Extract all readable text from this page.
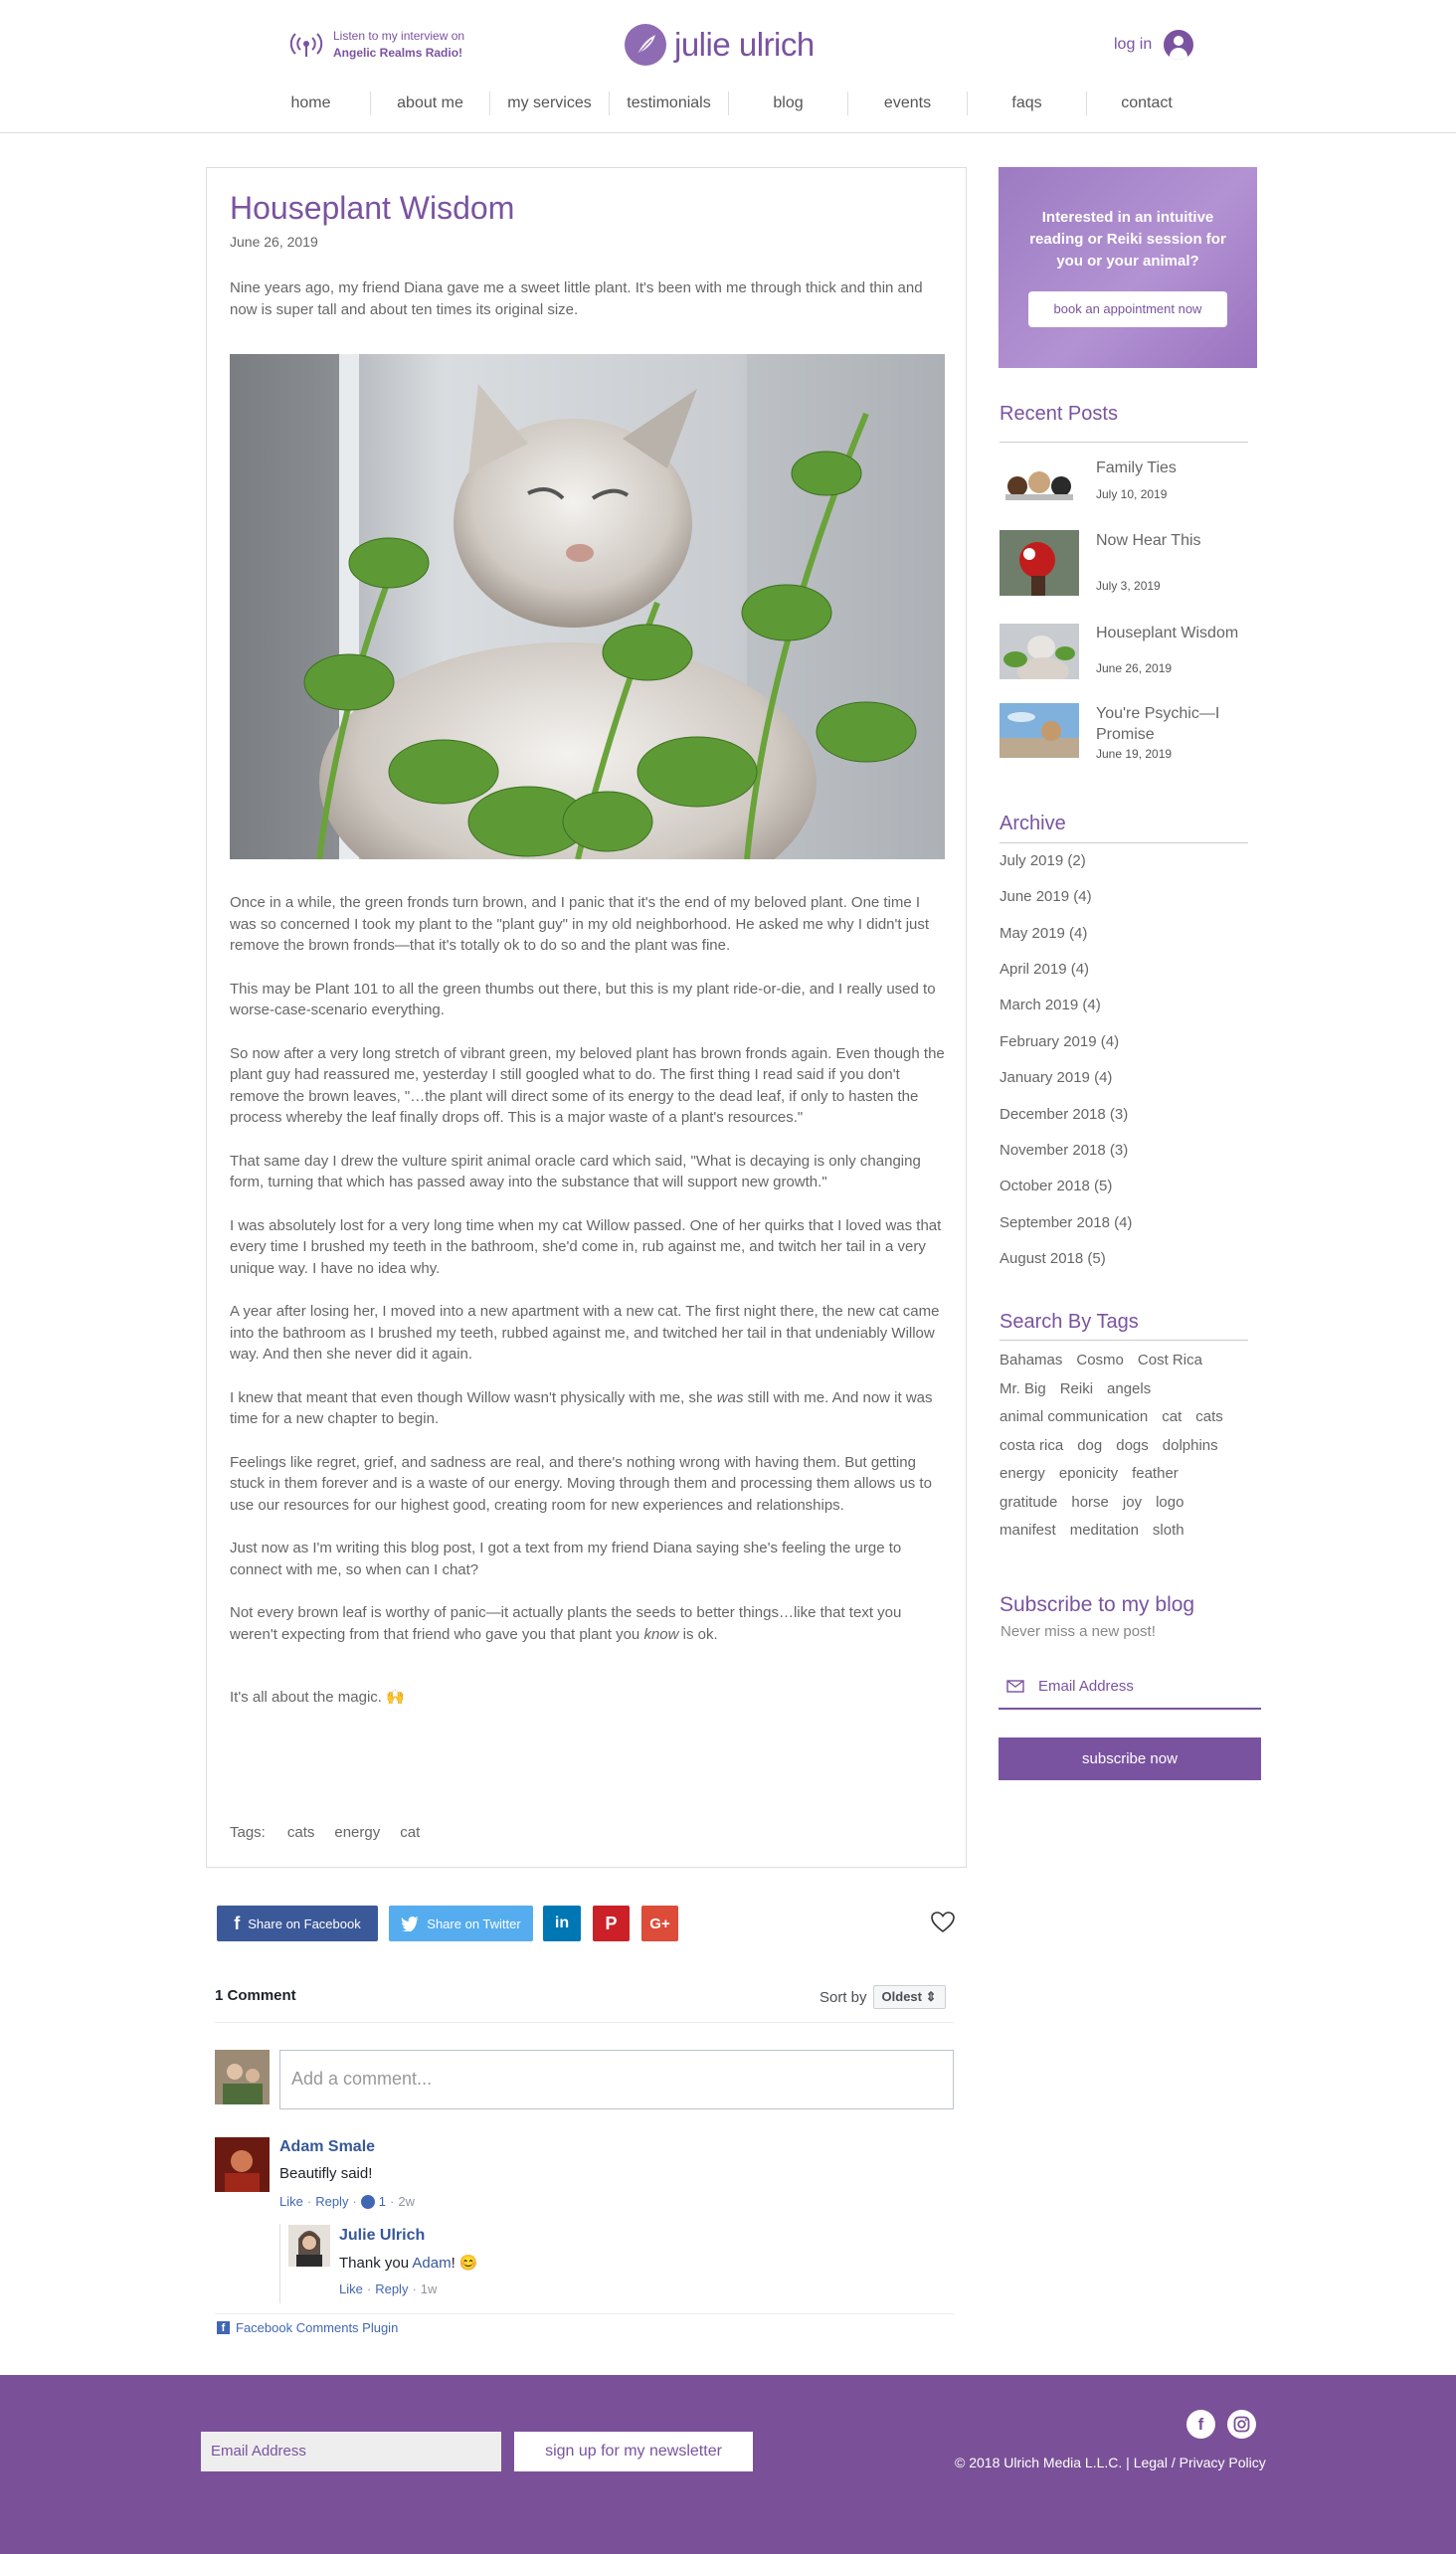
Listen to my interview on
Angelic Realms Radio!	julie ulrich	log in
home	about me	my services	testimonials	blog	events	faqs	contact
Houseplant Wisdom
June 26, 2019

Nine years ago, my friend Diana gave me a sweet little plant. It's been with me through thick and thin and now is super tall and about ten times its original size.

Once in a while, the green fronds turn brown, and I panic that it's the end of my beloved plant. One time I was so concerned I took my plant to the "plant guy" in my old neighborhood. He asked me why I didn't just remove the brown fronds—that it's totally ok to do so and the plant was fine.

This may be Plant 101 to all the green thumbs out there, but this is my plant ride-or-die, and I really used to worse-case-scenario everything.

So now after a very long stretch of vibrant green, my beloved plant has brown fronds again. Even though the plant guy had reassured me, yesterday I still googled what to do. The first thing I read said if you don't remove the brown leaves, "…the plant will direct some of its energy to the dead leaf, if only to hasten the process whereby the leaf finally drops off. This is a major waste of a plant's resources."

That same day I drew the vulture spirit animal oracle card which said, "What is decaying is only changing form, turning that which has passed away into the substance that will support new growth."

I was absolutely lost for a very long time when my cat Willow passed. One of her quirks that I loved was that every time I brushed my teeth in the bathroom, she'd come in, rub against me, and twitch her tail in a very unique way. I have no idea why.

A year after losing her, I moved into a new apartment with a new cat. The first night there, the new cat came into the bathroom as I brushed my teeth, rubbed against me, and twitched her tail in that undeniably Willow way. And then she never did it again.

I knew that meant that even though Willow wasn't physically with me, she was still with me. And now it was time for a new chapter to begin.

Feelings like regret, grief, and sadness are real, and there's nothing wrong with having them. But getting stuck in them forever and is a waste of our energy. Moving through them and processing them allows us to use our resources for our highest good, creating room for new experiences and relationships.

Just now as I'm writing this blog post, I got a text from my friend Diana saying she's feeling the urge to connect with me, so when can I chat?

Not every brown leaf is worthy of panic—it actually plants the seeds to better things…like that text you weren't expecting from that friend who gave you that plant you know is ok.

It's all about the magic. 🙌

Tags: cats energy cat
f Share on Facebook	Share on Twitter in P G+
1 Comment	Sort by	Oldest ⇕
Add a comment...
Adam Smale
Beautifly said!
Like · Reply · 1 · 2w
Julie Ulrich
Thank you Adam! 😊
Like · Reply · 1w
f Facebook Comments Plugin
Interested in an intuitive reading or Reiki session for you or your animal?
book an appointment now
Recent Posts
Family Ties
July 10, 2019
Now Hear This
July 3, 2019
Houseplant Wisdom
June 26, 2019
You're Psychic—I Promise
June 19, 2019
Archive
July 2019 (2)
June 2019 (4)
May 2019 (4)
April 2019 (4)
March 2019 (4)
February 2019 (4)
January 2019 (4)
December 2018 (3)
November 2018 (3)
October 2018 (5)
September 2018 (4)
August 2018 (5)
Search By Tags
Bahamas Cosmo Cost RicaMr. Big Reiki angelsanimal communication cat catscosta rica dog dogs dolphinsenergy eponicity feathergratitude horse joy logomanifest meditation sloth
Subscribe to my blog
Never miss a new post!
Email Address
subscribe now
Email Address	sign up for my newsletter
f
© 2018 Ulrich Media L.L.C. | Legal / Privacy Policy
